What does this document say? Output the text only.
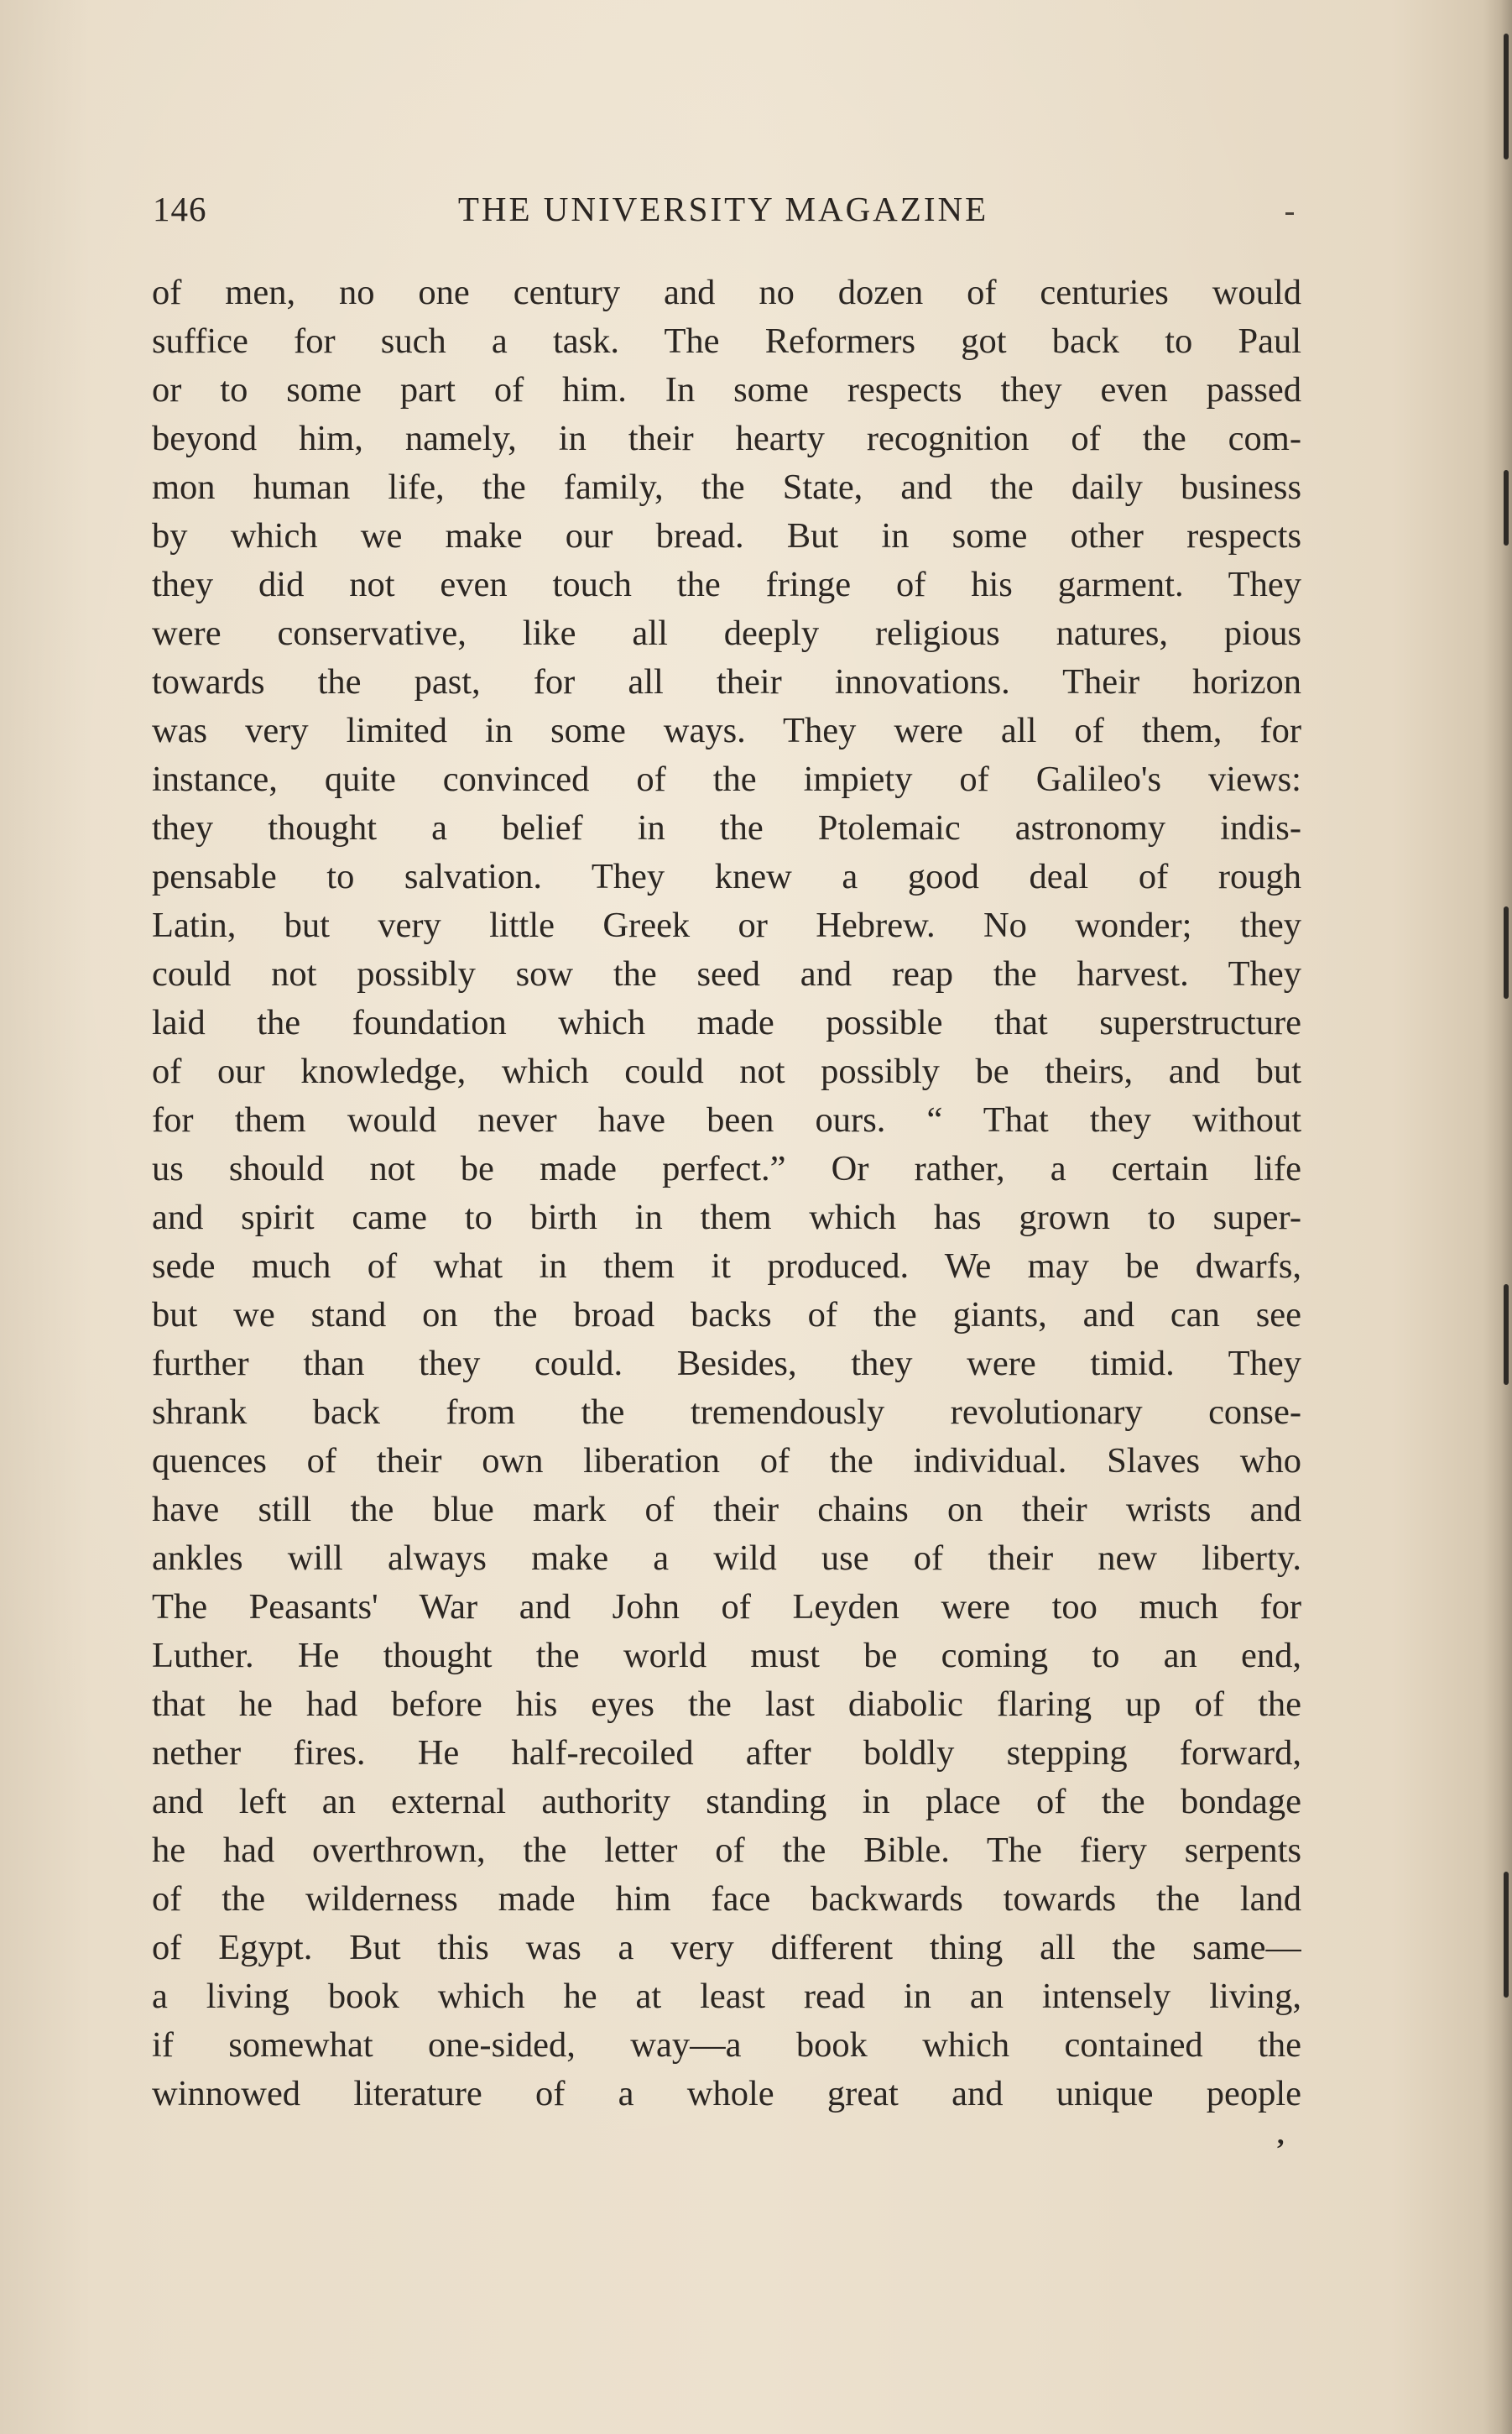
146	THE UNIVERSITY MAGAZINE
of men, no one century and no dozen of centuries would
suffice for such a task. The Reformers got back to Paul
or to some part of him. In some respects they even passed
beyond him, namely, in their hearty recognition of the com-
mon human life, the family, the State, and the daily business
by which we make our bread. But in some other respects
they did not even touch the fringe of his garment. They
were conservative, like all deeply religious natures, pious
towards the past, for all their innovations. Their horizon
was very limited in some ways. They were all of them, for
instance, quite convinced of the impiety of Galileo's views:
they thought a belief in the Ptolemaic astronomy indis-
pensable to salvation. They knew a good deal of rough
Latin, but very little Greek or Hebrew. No wonder; they
could not possibly sow the seed and reap the harvest. They
laid the foundation which made possible that superstructure
of our knowledge, which could not possibly be theirs, and but
for them would never have been ours. “ That they without
us should not be made perfect.” Or rather, a certain life
and spirit came to birth in them which has grown to super-
sede much of what in them it produced. We may be dwarfs,
but we stand on the broad backs of the giants, and can see
further than they could. Besides, they were timid. They
shrank back from the tremendously revolutionary conse-
quences of their own liberation of the individual. Slaves who
have still the blue mark of their chains on their wrists and
ankles will always make a wild use of their new liberty.
The Peasants' War and John of Leyden were too much for
Luther. He thought the world must be coming to an end,
that he had before his eyes the last diabolic flaring up of the
nether fires. He half-recoiled after boldly stepping forward,
and left an external authority standing in place of the bondage
he had overthrown, the letter of the Bible. The fiery serpents
of the wilderness made him face backwards towards the land
of Egypt. But this was a very different thing all the same—
a living book which he at least read in an intensely living,
if somewhat one-sided, way—a book which contained the
winnowed literature of a whole great and unique people
,
